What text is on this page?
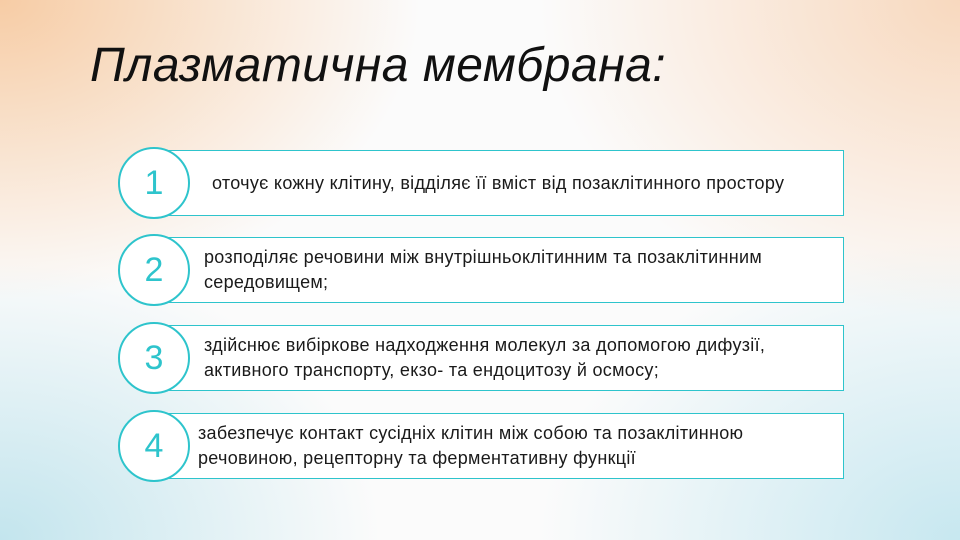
Плазматична мембрана:
1	оточує кожну клітину, відділяє її вміст від позаклітинного простору
2	розподіляє речовини між внутрішньоклітинним та позаклітинним середовищем;
3	здійснює вибіркове надходження молекул за допомогою дифузії, активного транспорту, екзо- та ендоцитозу й осмосу;
4	забезпечує контакт сусідніх клітин між собою та позаклітинною речовиною, рецепторну та ферментативну функції
